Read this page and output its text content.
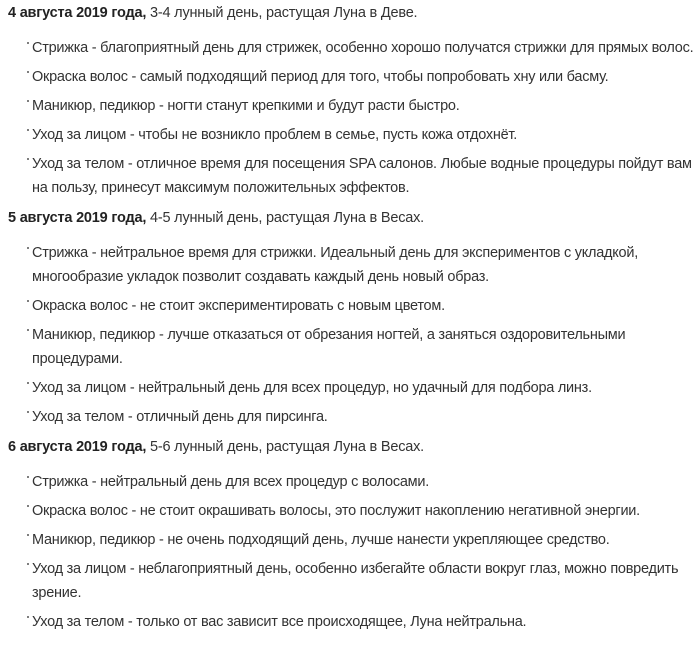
4 августа 2019 года, 3-4 лунный день, растущая Луна в Деве.

Стрижка - благоприятный день для стрижек, особенно хорошо получатся стрижки для прямых волос.
Окраска волос - самый подходящий период для того, чтобы попробовать хну или басму.
Маникюр, педикюр - ногти станут крепкими и будут расти быстро.
Уход за лицом - чтобы не возникло проблем в семье, пусть кожа отдохнёт.
Уход за телом - отличное время для посещения SPA салонов. Любые водные процедуры пойдут вам на пользу, принесут максимум положительных эффектов.

5 августа 2019 года, 4-5 лунный день, растущая Луна в Весах.

Стрижка - нейтральное время для стрижки. Идеальный день для экспериментов с укладкой, многообразие укладок позволит создавать каждый день новый образ.
Окраска волос - не стоит экспериментировать с новым цветом.
Маникюр, педикюр - лучше отказаться от обрезания ногтей, а заняться оздоровительными процедурами.
Уход за лицом - нейтральный день для всех процедур, но удачный для подбора линз.
Уход за телом - отличный день для пирсинга.

6 августа 2019 года, 5-6 лунный день, растущая Луна в Весах.

Стрижка - нейтральный день для всех процедур с волосами.
Окраска волос - не стоит окрашивать волосы, это послужит накоплению негативной энергии.
Маникюр, педикюр - не очень подходящий день, лучше нанести укрепляющее средство.
Уход за лицом - неблагоприятный день, особенно избегайте области вокруг глаз, можно повредить зрение.
Уход за телом - только от вас зависит все происходящее, Луна нейтральна.
